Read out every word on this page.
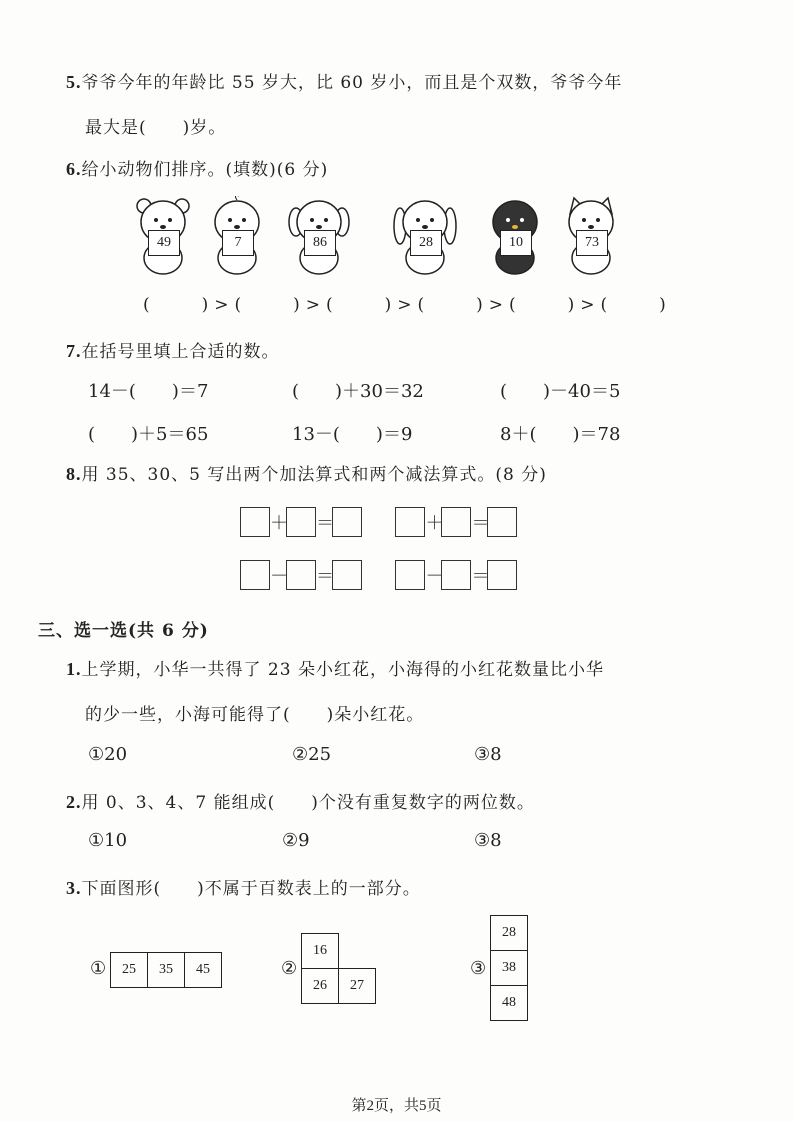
5.爷爷今年的年龄比 55 岁大，比 60 岁小，而且是个双数，爷爷今年
最大是(　　)岁。
6.给小动物们排序。(填数)(6 分)
49	7	86	28	10	73
(　　)>(　　)>(　　)>(　　)>(　　)>(　　)
7.在括号里填上合适的数。
14－(　　)＝7	(　　)＋30＝32	(　　)－40＝5
(　　)＋5＝65	13－(　　)＝9	8＋(　　)＝78
8.用 35、30、5 写出两个加法算式和两个减法算式。(8 分)
＋ ＝	＋ ＝
－ ＝	－ ＝
三、选一选(共 6 分)
1.上学期，小华一共得了 23 朵小红花，小海得的小红花数量比小华
的少一些，小海可能得了(　　)朵小红花。
①20	②25	③8
2.用 0、3、4、7 能组成(　　)个没有重复数字的两位数。
①10	②9	③8
3.下面图形(　　)不属于百数表上的一部分。
① 25	35	45	②
16	
26	27
③
28
38
48
第2页，共5页
